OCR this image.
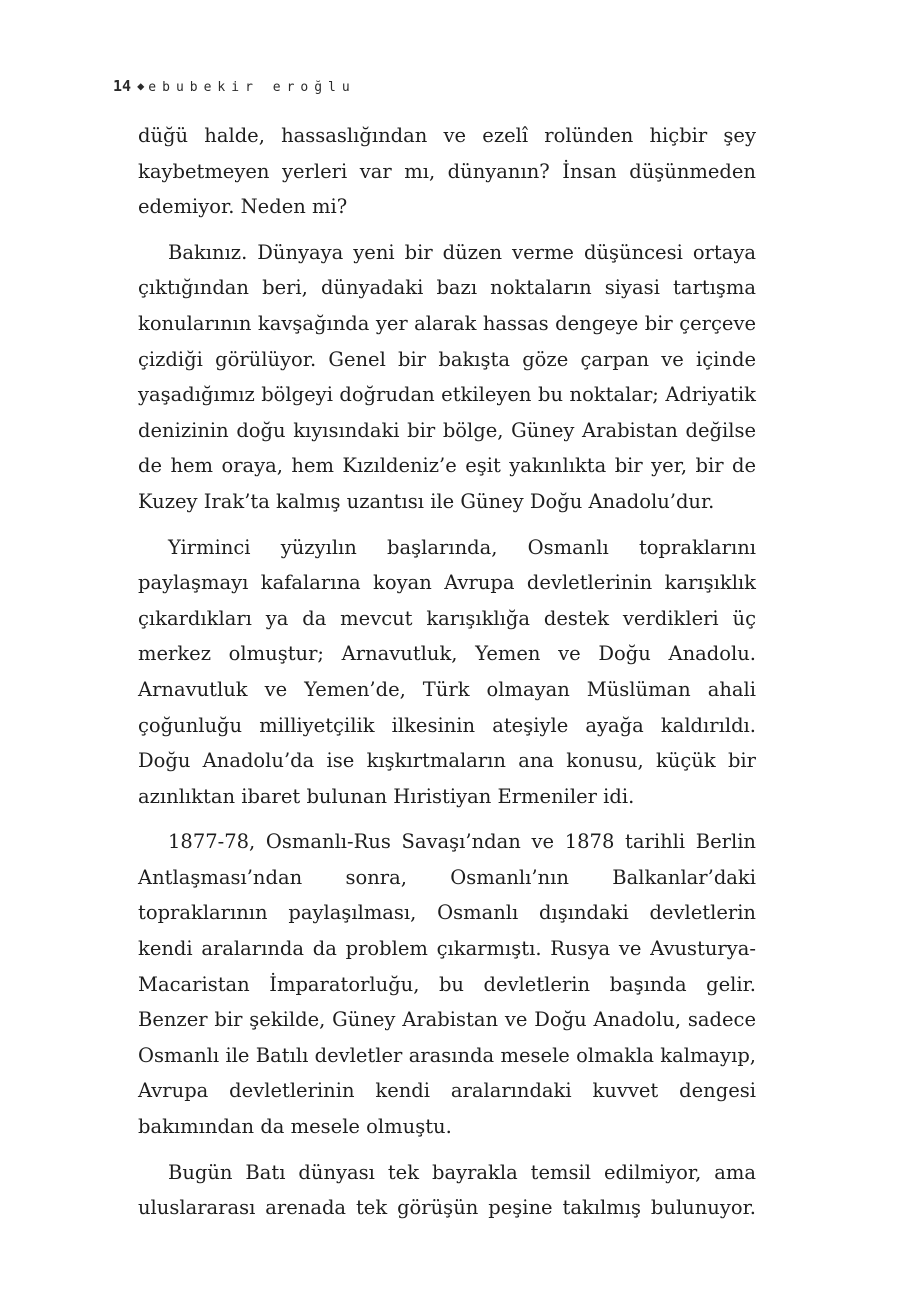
14 ◆ ebubekir eroğlu

düğü halde, hassaslığından ve ezelî rolünden hiçbir şey kaybetmeyen yerleri var mı, dünyanın? İnsan düşünmeden edemiyor. Neden mi?

Bakınız. Dünyaya yeni bir düzen verme düşüncesi ortaya çıktığından beri, dünyadaki bazı noktaların siyasi tartışma konularının kavşağında yer alarak hassas dengeye bir çerçeve çizdiği görülüyor. Genel bir bakışta göze çarpan ve içinde yaşadığımız bölgeyi doğrudan etkileyen bu noktalar; Adriyatik denizinin doğu kıyısındaki bir bölge, Güney Arabistan değilse de hem oraya, hem Kızıldeniz’e eşit yakınlıkta bir yer, bir de Kuzey Irak’ta kalmış uzantısı ile Güney Doğu Anadolu’dur.

Yirminci yüzyılın başlarında, Osmanlı topraklarını paylaşmayı kafalarına koyan Avrupa devletlerinin karışıklık çıkardıkları ya da mevcut karışıklığa destek verdikleri üç merkez olmuştur; Arnavutluk, Yemen ve Doğu Anadolu. Arnavutluk ve Yemen’de, Türk olmayan Müslüman ahali çoğunluğu milliyetçilik ilkesinin ateşiyle ayağa kaldırıldı. Doğu Anadolu’da ise kışkırtmaların ana konusu, küçük bir azınlıktan ibaret bulunan Hıristiyan Ermeniler idi.

1877-78, Osmanlı-Rus Savaşı’ndan ve 1878 tarihli Berlin Antlaşması’ndan sonra, Osmanlı’nın Balkanlar’daki topraklarının paylaşılması, Osmanlı dışındaki devletlerin kendi aralarında da problem çıkarmıştı. Rusya ve Avusturya-Macaristan İmparatorluğu, bu devletlerin başında gelir. Benzer bir şekilde, Güney Arabistan ve Doğu Anadolu, sadece Osmanlı ile Batılı devletler arasında mesele olmakla kalmayıp, Avrupa devletlerinin kendi aralarındaki kuvvet dengesi bakımından da mesele olmuştu.

Bugün Batı dünyası tek bayrakla temsil edilmiyor, ama uluslararası arenada tek görüşün peşine takılmış bulunuyor.
